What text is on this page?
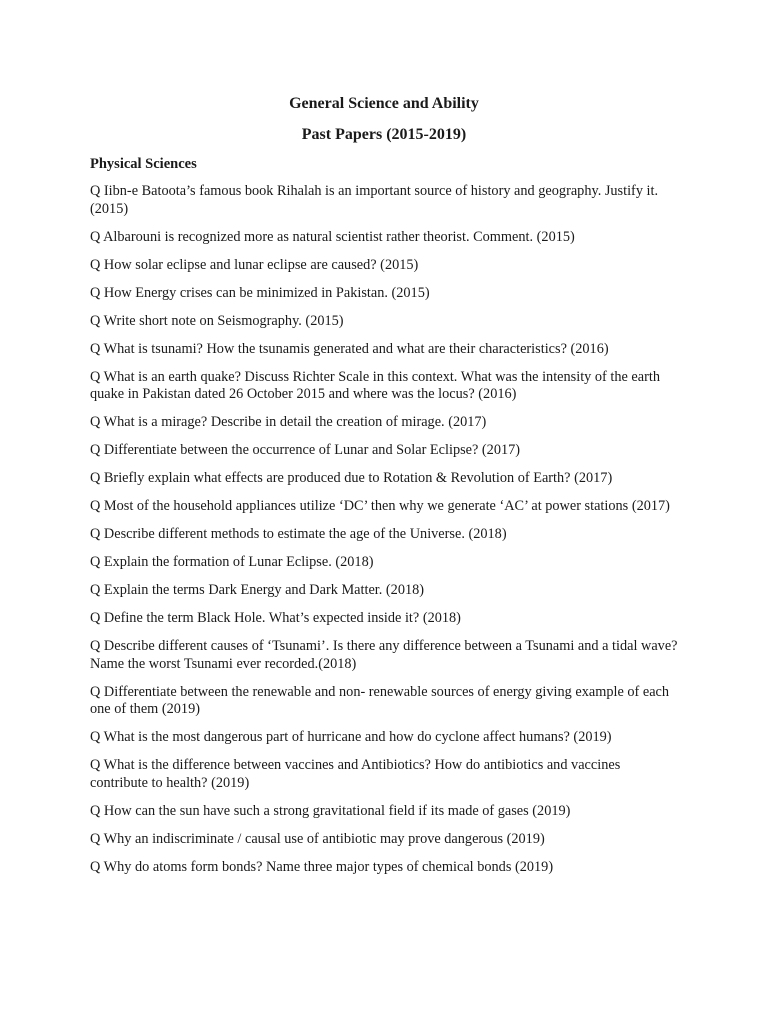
General Science and Ability
Past Papers (2015-2019)
Physical Sciences
Q Iibn-e Batoota’s famous book Rihalah is an important source of history and geography. Justify it. (2015)
Q Albarouni is recognized more as natural scientist rather theorist. Comment. (2015)
Q How solar eclipse and lunar eclipse are caused? (2015)
Q How Energy crises can be minimized in Pakistan. (2015)
Q Write short note on Seismography. (2015)
Q What is tsunami? How the tsunamis generated and what are their characteristics? (2016)
Q What is an earth quake? Discuss Richter Scale in this context. What was the intensity of the earth quake in Pakistan dated 26 October 2015 and where was the locus? (2016)
Q What is a mirage? Describe in detail the creation of mirage. (2017)
Q Differentiate between the occurrence of Lunar and Solar Eclipse? (2017)
Q Briefly explain what effects are produced due to Rotation & Revolution of Earth? (2017)
Q Most of the household appliances utilize ‘DC’ then why we generate ‘AC’ at power stations (2017)
Q Describe different methods to estimate the age of the Universe. (2018)
Q Explain the formation of Lunar Eclipse. (2018)
Q Explain the terms Dark Energy and Dark Matter. (2018)
Q Define the term Black Hole. What’s expected inside it? (2018)
Q Describe different causes of ‘Tsunami’. Is there any difference between a Tsunami and a tidal wave? Name the worst Tsunami ever recorded.(2018)
Q Differentiate between the renewable and non- renewable sources of energy giving example of each one of them (2019)
Q What is the most dangerous part of hurricane and how do cyclone affect humans? (2019)
Q What is the difference between vaccines and Antibiotics? How do antibiotics and vaccines contribute to health? (2019)
Q How can the sun have such a strong gravitational field if its made of gases (2019)
Q Why an indiscriminate / causal use of antibiotic may prove dangerous (2019)
Q Why do atoms form bonds? Name three major types of chemical bonds (2019)
